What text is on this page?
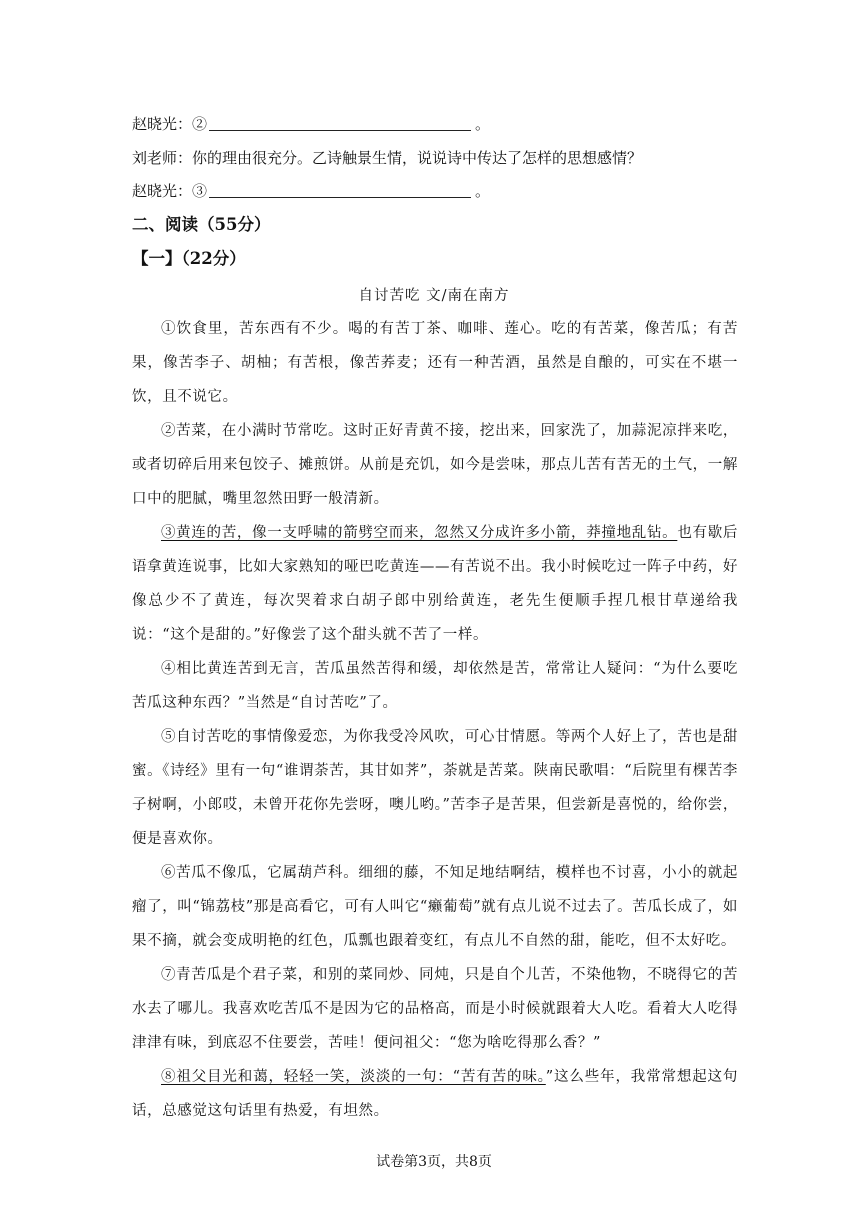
赵晓光：②	。
刘老师：你的理由很充分。乙诗触景生情，说说诗中传达了怎样的思想感情？
赵晓光：③	。
二、阅读（55分）
【一】（22分）
自讨苦吃 文/南在南方
①饮食里，苦东西有不少。喝的有苦丁茶、咖啡、莲心。吃的有苦菜，像苦瓜；有苦果，像苦李子、胡柚；有苦根，像苦荞麦；还有一种苦酒，虽然是自酿的，可实在不堪一饮，且不说它。
②苦菜，在小满时节常吃。这时正好青黄不接，挖出来，回家洗了，加蒜泥凉拌来吃，或者切碎后用来包饺子、摊煎饼。从前是充饥，如今是尝味，那点儿苦有苦无的土气，一解口中的肥腻，嘴里忽然田野一般清新。
③黄连的苦，像一支呼啸的箭劈空而来，忽然又分成许多小箭，莽撞地乱钻。也有歇后语拿黄连说事，比如大家熟知的哑巴吃黄连——有苦说不出。我小时候吃过一阵子中药，好像总少不了黄连，每次哭着求白胡子郎中别给黄连，老先生便顺手捏几根甘草递给我说：“这个是甜的。”好像尝了这个甜头就不苦了一样。
④相比黄连苦到无言，苦瓜虽然苦得和缓，却依然是苦，常常让人疑问：“为什么要吃苦瓜这种东西？”当然是“自讨苦吃”了。
⑤自讨苦吃的事情像爱恋，为你我受冷风吹，可心甘情愿。等两个人好上了，苦也是甜蜜。《诗经》里有一句“谁谓荼苦，其甘如荠”，荼就是苦菜。陕南民歌唱：“后院里有棵苦李子树啊，小郎哎，未曾开花你先尝呀，噢儿哟。”苦李子是苦果，但尝新是喜悦的，给你尝，便是喜欢你。
⑥苦瓜不像瓜，它属葫芦科。细细的藤，不知足地结啊结，模样也不讨喜，小小的就起瘤了，叫“锦荔枝”那是高看它，可有人叫它“癞葡萄”就有点儿说不过去了。苦瓜长成了，如果不摘，就会变成明艳的红色，瓜瓢也跟着变红，有点儿不自然的甜，能吃，但不太好吃。
⑦青苦瓜是个君子菜，和别的菜同炒、同炖，只是自个儿苦，不染他物，不晓得它的苦水去了哪儿。我喜欢吃苦瓜不是因为它的品格高，而是小时候就跟着大人吃。看着大人吃得津津有味，到底忍不住要尝，苦哇！便问祖父：“您为啥吃得那么香？”
⑧祖父目光和蔼，轻轻一笑，淡淡的一句：“苦有苦的味。”这么些年，我常常想起这句话，总感觉这句话里有热爱，有坦然。
试卷第3页，共8页
